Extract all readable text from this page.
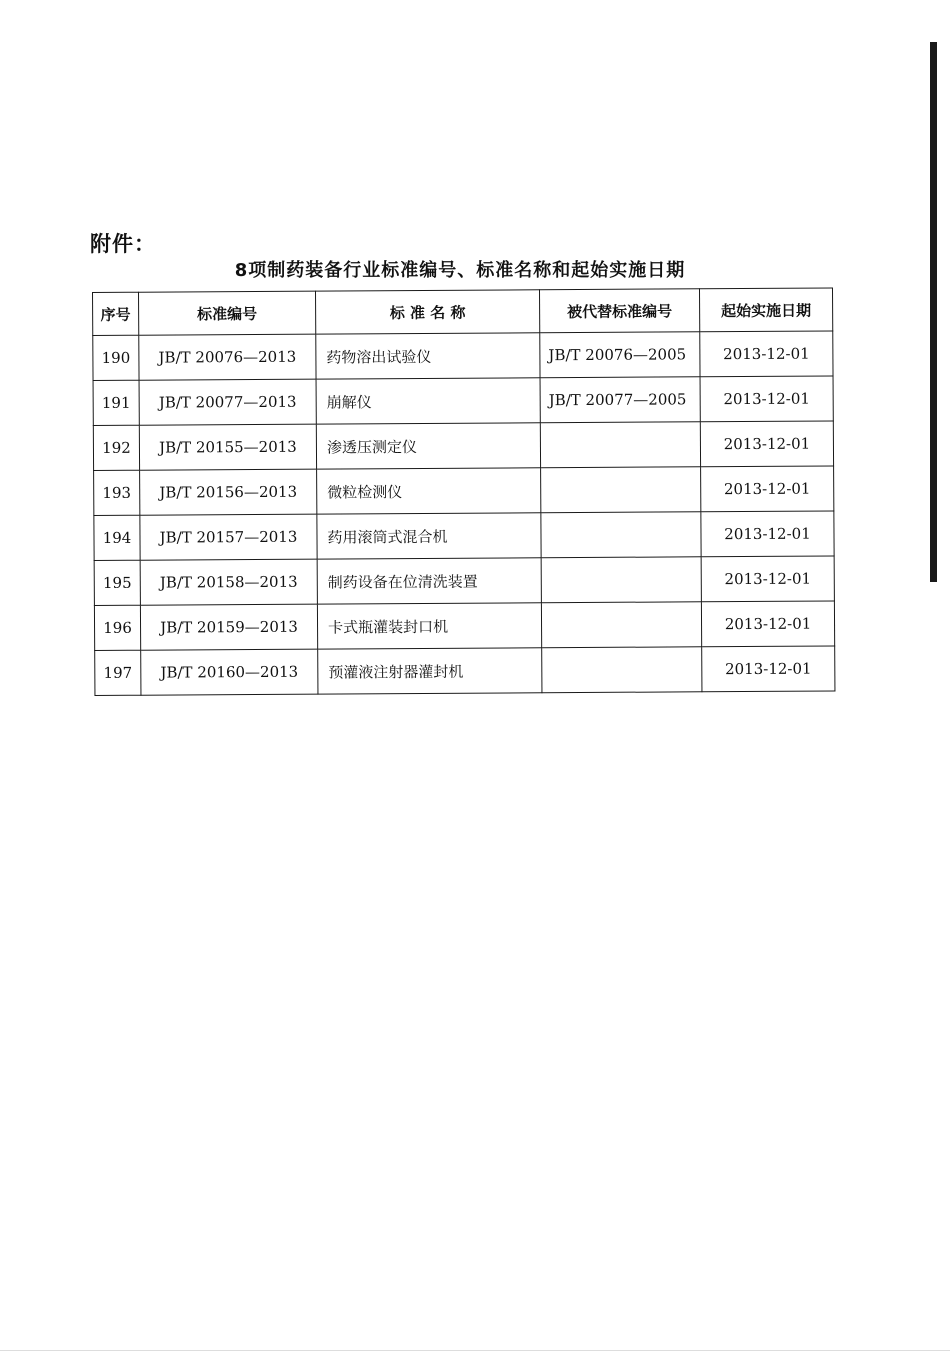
附件：
8项制药装备行业标准编号、标准名称和起始实施日期
序号	标准编号	标 准 名 称	被代替标准编号	起始实施日期
190	JB/T 20076—2013	药物溶出试验仪	JB/T 20076—2005	2013-12-01
191	JB/T 20077—2013	崩解仪	JB/T 20077—2005	2013-12-01
192	JB/T 20155—2013	渗透压测定仪		2013-12-01
193	JB/T 20156—2013	微粒检测仪		2013-12-01
194	JB/T 20157—2013	药用滚筒式混合机		2013-12-01
195	JB/T 20158—2013	制药设备在位清洗装置		2013-12-01
196	JB/T 20159—2013	卡式瓶灌装封口机		2013-12-01
197	JB/T 20160—2013	预灌液注射器灌封机		2013-12-01
